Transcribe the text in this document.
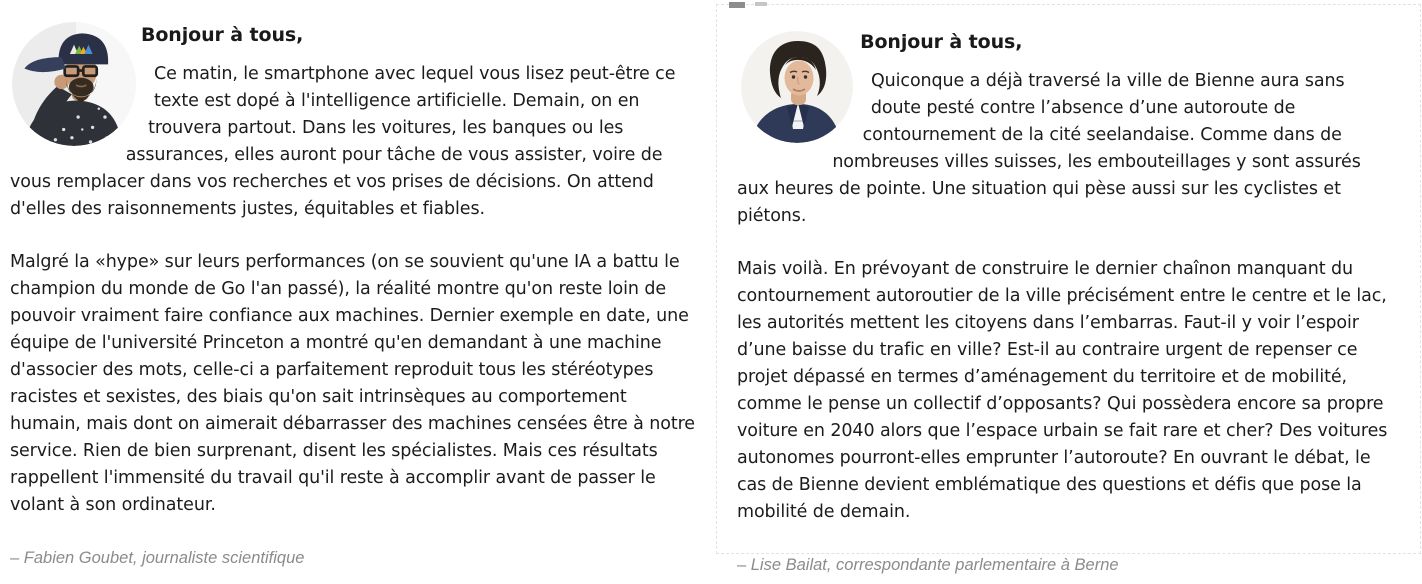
Bonjour à tous,

Ce matin, le smartphone avec lequel vous lisez peut-être ce texte est dopé à l'intelligence artificielle. Demain, on en trouvera partout. Dans les voitures, les banques ou les assurances, elles auront pour tâche de vous assister, voire de vous remplacer dans vos recherches et vos prises de décisions. On attend d'elles des raisonnements justes, équitables et fiables.

Malgré la «hype» sur leurs performances (on se souvient qu'une IA a battu le champion du monde de Go l'an passé), la réalité montre qu'on reste loin de pouvoir vraiment faire confiance aux machines. Dernier exemple en date, une équipe de l'université Princeton a montré qu'en demandant à une machine d'associer des mots, celle-ci a parfaitement reproduit tous les stéréotypes racistes et sexistes, des biais qu'on sait intrinsèques au comportement humain, mais dont on aimerait débarrasser des machines censées être à notre service. Rien de bien surprenant, disent les spécialistes. Mais ces résultats rappellent l'immensité du travail qu'il reste à accomplir avant de passer le volant à son ordinateur.

– Fabien Goubet, journaliste scientifique

Bonjour à tous,

Quiconque a déjà traversé la ville de Bienne aura sans doute pesté contre l’absence d’une autoroute de contournement de la cité seelandaise. Comme dans de nombreuses villes suisses, les embouteillages y sont assurés aux heures de pointe. Une situation qui pèse aussi sur les cyclistes et piétons.

Mais voilà. En prévoyant de construire le dernier chaînon manquant du contournement autoroutier de la ville précisément entre le centre et le lac, les autorités mettent les citoyens dans l’embarras. Faut-il y voir l’espoir d’une baisse du trafic en ville? Est-il au contraire urgent de repenser ce projet dépassé en termes d’aménagement du territoire et de mobilité, comme le pense un collectif d’opposants? Qui possèdera encore sa propre voiture en 2040 alors que l’espace urbain se fait rare et cher? Des voitures autonomes pourront-elles emprunter l’autoroute? En ouvrant le débat, le cas de Bienne devient emblématique des questions et défis que pose la mobilité de demain.

– Lise Bailat, correspondante parlementaire à Berne
